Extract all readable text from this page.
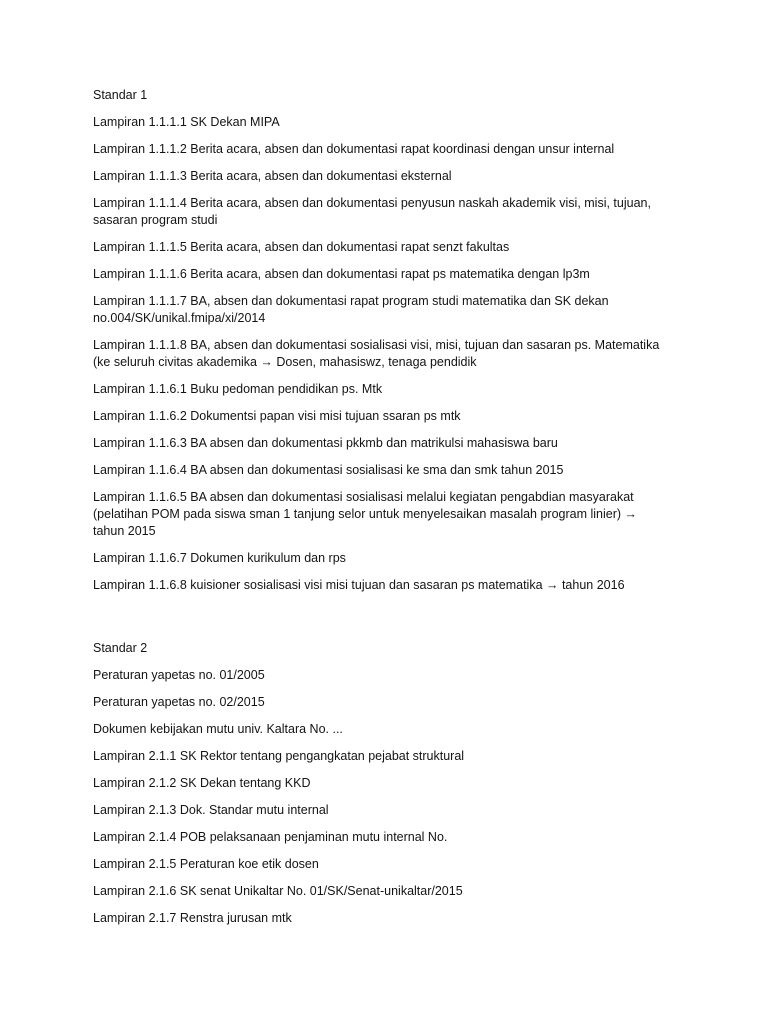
Standar 1
Lampiran 1.1.1.1 SK Dekan MIPA
Lampiran 1.1.1.2 Berita acara, absen dan dokumentasi rapat koordinasi dengan unsur internal
Lampiran 1.1.1.3 Berita acara, absen dan dokumentasi eksternal
Lampiran 1.1.1.4 Berita acara, absen dan dokumentasi penyusun naskah akademik visi, misi, tujuan,
sasaran program studi
Lampiran 1.1.1.5 Berita acara, absen dan dokumentasi rapat senzt fakultas
Lampiran 1.1.1.6 Berita acara, absen dan dokumentasi rapat ps matematika dengan lp3m
Lampiran 1.1.1.7 BA, absen dan dokumentasi rapat program studi matematika dan SK dekan
no.004/SK/unikal.fmipa/xi/2014
Lampiran 1.1.1.8 BA, absen dan dokumentasi sosialisasi visi, misi, tujuan dan sasaran ps. Matematika
(ke seluruh civitas akademika → Dosen, mahasiswz, tenaga pendidik
Lampiran 1.1.6.1 Buku pedoman pendidikan ps. Mtk
Lampiran 1.1.6.2 Dokumentsi papan visi misi tujuan ssaran ps mtk
Lampiran 1.1.6.3 BA absen dan dokumentasi pkkmb dan matrikulsi mahasiswa baru
Lampiran 1.1.6.4 BA absen dan dokumentasi sosialisasi ke sma dan smk tahun 2015
Lampiran 1.1.6.5 BA absen dan dokumentasi sosialisasi melalui kegiatan pengabdian masyarakat
(pelatihan POM pada siswa sman 1 tanjung selor untuk menyelesaikan masalah program linier) →
tahun 2015
Lampiran 1.1.6.7 Dokumen kurikulum dan rps
Lampiran 1.1.6.8 kuisioner sosialisasi visi misi tujuan dan sasaran ps matematika → tahun 2016
Standar 2
Peraturan yapetas no. 01/2005
Peraturan yapetas no. 02/2015
Dokumen kebijakan mutu univ. Kaltara No. ...
Lampiran 2.1.1 SK Rektor tentang pengangkatan pejabat struktural
Lampiran 2.1.2 SK Dekan tentang KKD
Lampiran 2.1.3 Dok. Standar mutu internal
Lampiran 2.1.4 POB pelaksanaan penjaminan mutu internal No.
Lampiran 2.1.5 Peraturan koe etik dosen
Lampiran 2.1.6 SK senat Unikaltar No. 01/SK/Senat-unikaltar/2015
Lampiran 2.1.7 Renstra jurusan mtk
